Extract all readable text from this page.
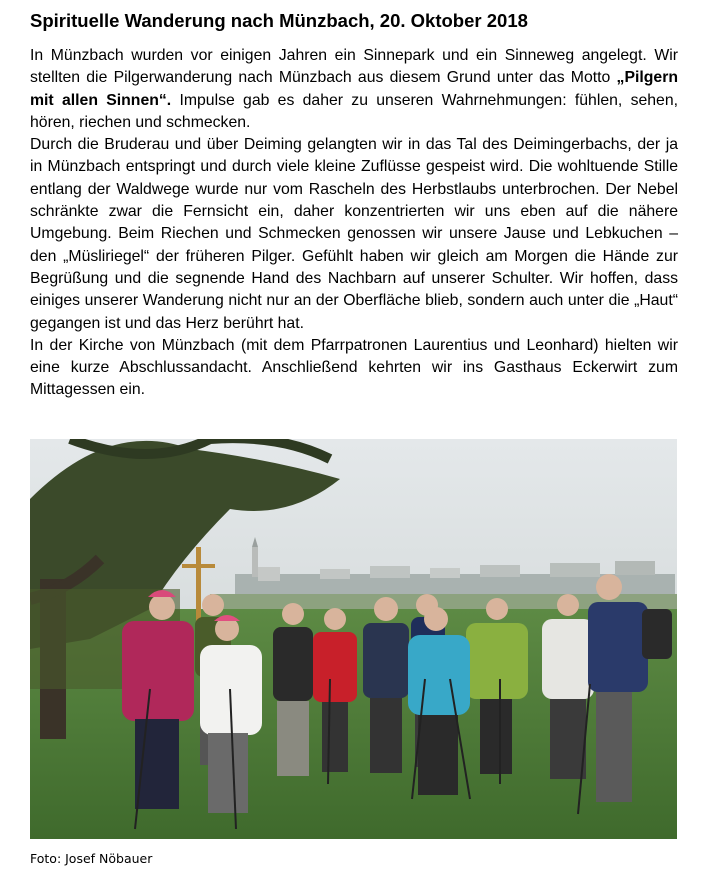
Spirituelle Wanderung nach Münzbach, 20. Oktober 2018

In Münzbach wurden vor einigen Jahren ein Sinnepark und ein Sinneweg angelegt. Wir stellten die Pilgerwanderung nach Münzbach aus diesem Grund unter das Motto „Pilgern mit allen Sinnen“. Impulse gab es daher zu unseren Wahrnehmungen: fühlen, sehen, hören, riechen und schmecken.

Durch die Bruderau und über Deiming gelangten wir in das Tal des Deimingerbachs, der ja in Münzbach entspringt und durch viele kleine Zuflüsse gespeist wird. Die wohltuende Stille entlang der Waldwege wurde nur vom Rascheln des Herbstlaubs unterbrochen. Der Nebel schränkte zwar die Fernsicht ein, daher konzentrierten wir uns eben auf die nähere Umgebung. Beim Riechen und Schmecken genossen wir unsere Jause und Lebkuchen – den „Müsliriegel“ der früheren Pilger. Gefühlt haben wir gleich am Morgen die Hände zur Begrüßung und die segnende Hand des Nachbarn auf unserer Schulter. Wir hoffen, dass einiges unserer Wanderung nicht nur an der Oberfläche blieb, sondern auch unter die „Haut“ gegangen ist und das Herz berührt hat.

In der Kirche von Münzbach (mit dem Pfarrpatronen Laurentius und Leonhard) hielten wir eine kurze Abschlussandacht. Anschließend kehrten wir ins Gasthaus Eckerwirt zum Mittagessen ein.

Foto: Josef Nöbauer
